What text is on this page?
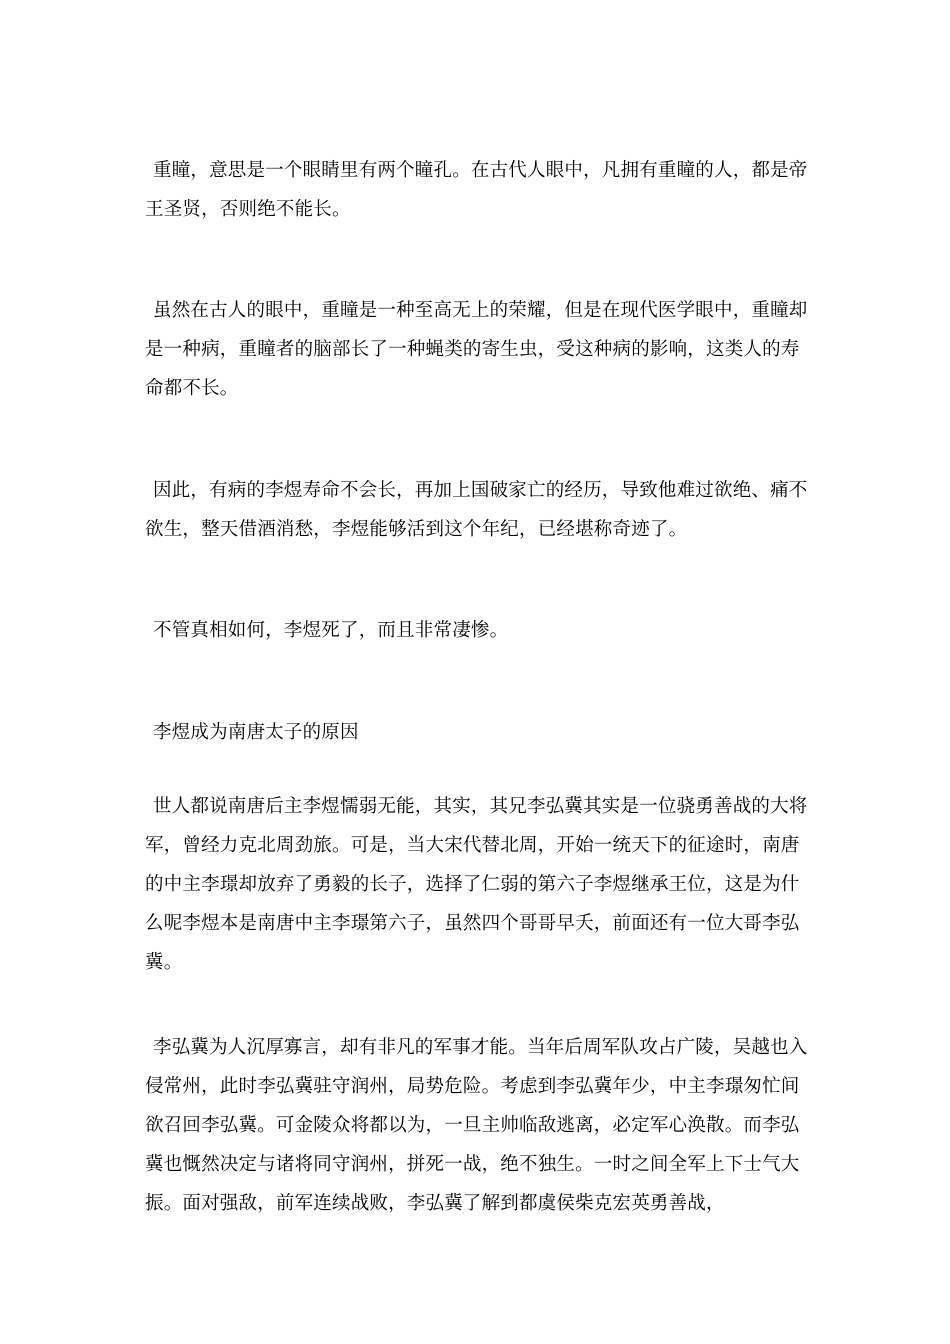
重瞳，意思是一个眼睛里有两个瞳孔。在古代人眼中，凡拥有重瞳的人，都是帝王圣贤，否则绝不能长。

虽然在古人的眼中，重瞳是一种至高无上的荣耀，但是在现代医学眼中，重瞳却是一种病，重瞳者的脑部长了一种蝇类的寄生虫，受这种病的影响，这类人的寿命都不长。

因此，有病的李煜寿命不会长，再加上国破家亡的经历，导致他难过欲绝、痛不欲生，整天借酒消愁，李煜能够活到这个年纪，已经堪称奇迹了。

不管真相如何，李煜死了，而且非常凄惨。

李煜成为南唐太子的原因

世人都说南唐后主李煜懦弱无能，其实，其兄李弘冀其实是一位骁勇善战的大将军，曾经力克北周劲旅。可是，当大宋代替北周，开始一统天下的征途时，南唐的中主李璟却放弃了勇毅的长子，选择了仁弱的第六子李煜继承王位，这是为什么呢李煜本是南唐中主李璟第六子，虽然四个哥哥早夭，前面还有一位大哥李弘冀。

李弘冀为人沉厚寡言，却有非凡的军事才能。当年后周军队攻占广陵，吴越也入侵常州，此时李弘冀驻守润州，局势危险。考虑到李弘冀年少，中主李璟匆忙间欲召回李弘冀。可金陵众将都以为，一旦主帅临敌逃离，必定军心涣散。而李弘冀也慨然决定与诸将同守润州，拼死一战，绝不独生。一时之间全军上下士气大振。面对强敌，前军连续战败，李弘冀了解到都虞侯柴克宏英勇善战，
